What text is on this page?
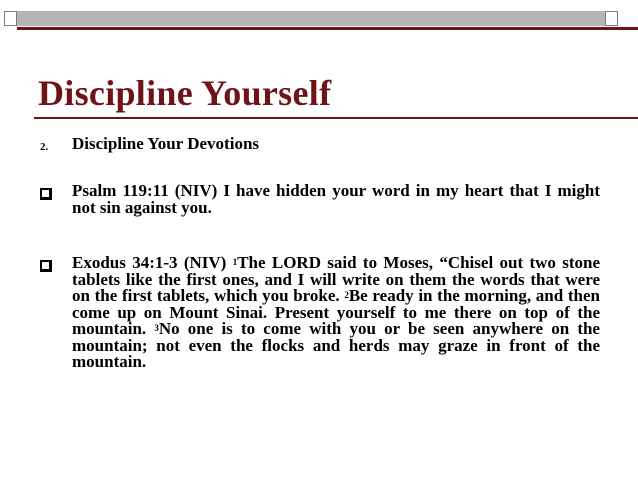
Discipline Yourself
2. Discipline Your Devotions

Psalm 119:11 (NIV) I have hidden your word in my heart that I might not sin against you.

Exodus 34:1-3 (NIV) $^1$The LORD said to Moses, “Chisel out two stone tablets like the first ones, and I will write on them the words that were on the first tablets, which you broke. $^2$Be ready in the morning, and then come up on Mount Sinai. Present yourself to me there on top of the mountain. $^3$No one is to come with you or be seen anywhere on the mountain; not even the flocks and herds may graze in front of the mountain.
